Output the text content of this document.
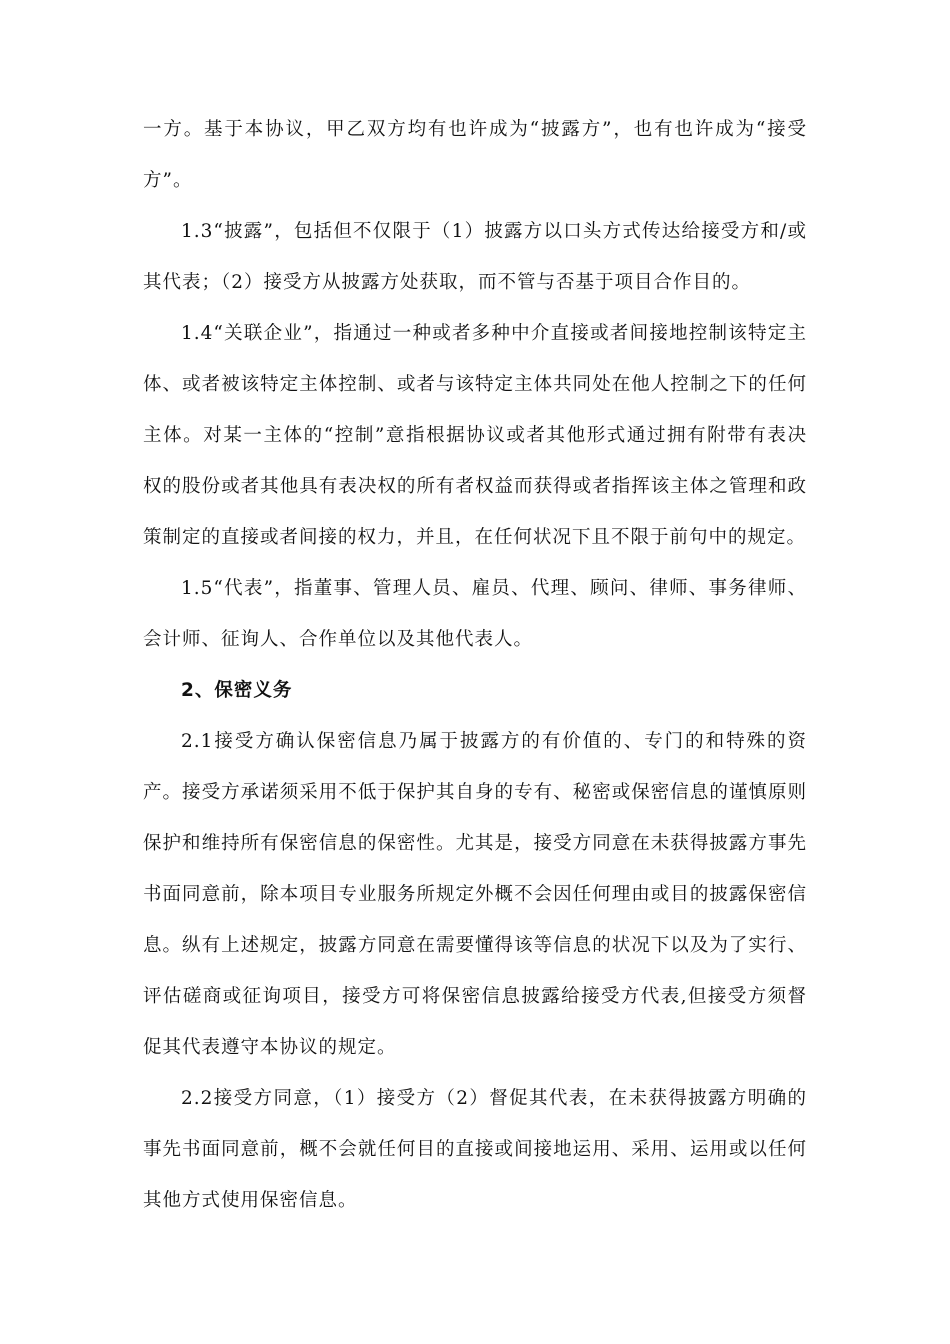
一方。基于本协议，甲乙双方均有也许成为“披露方”，也有也许成为“接受方”。

1.3“披露”，包括但不仅限于（1）披露方以口头方式传达给接受方和/或其代表；（2）接受方从披露方处获取，而不管与否基于项目合作目的。

1.4“关联企业”，指通过一种或者多种中介直接或者间接地控制该特定主体、或者被该特定主体控制、或者与该特定主体共同处在他人控制之下的任何主体。对某一主体的“控制”意指根据协议或者其他形式通过拥有附带有表决权的股份或者其他具有表决权的所有者权益而获得或者指挥该主体之管理和政策制定的直接或者间接的权力，并且，在任何状况下且不限于前句中的规定。

1.5“代表”，指董事、管理人员、雇员、代理、顾问、律师、事务律师、会计师、征询人、合作单位以及其他代表人。

2、保密义务

2.1接受方确认保密信息乃属于披露方的有价值的、专门的和特殊的资产。接受方承诺须采用不低于保护其自身的专有、秘密或保密信息的谨慎原则保护和维持所有保密信息的保密性。尤其是，接受方同意在未获得披露方事先书面同意前，除本项目专业服务所规定外概不会因任何理由或目的披露保密信息。纵有上述规定，披露方同意在需要懂得该等信息的状况下以及为了实行、评估磋商或征询项目，接受方可将保密信息披露给接受方代表,但接受方须督促其代表遵守本协议的规定。

2.2接受方同意，（1）接受方（2）督促其代表，在未获得披露方明确的事先书面同意前，概不会就任何目的直接或间接地运用、采用、运用或以任何其他方式使用保密信息。
